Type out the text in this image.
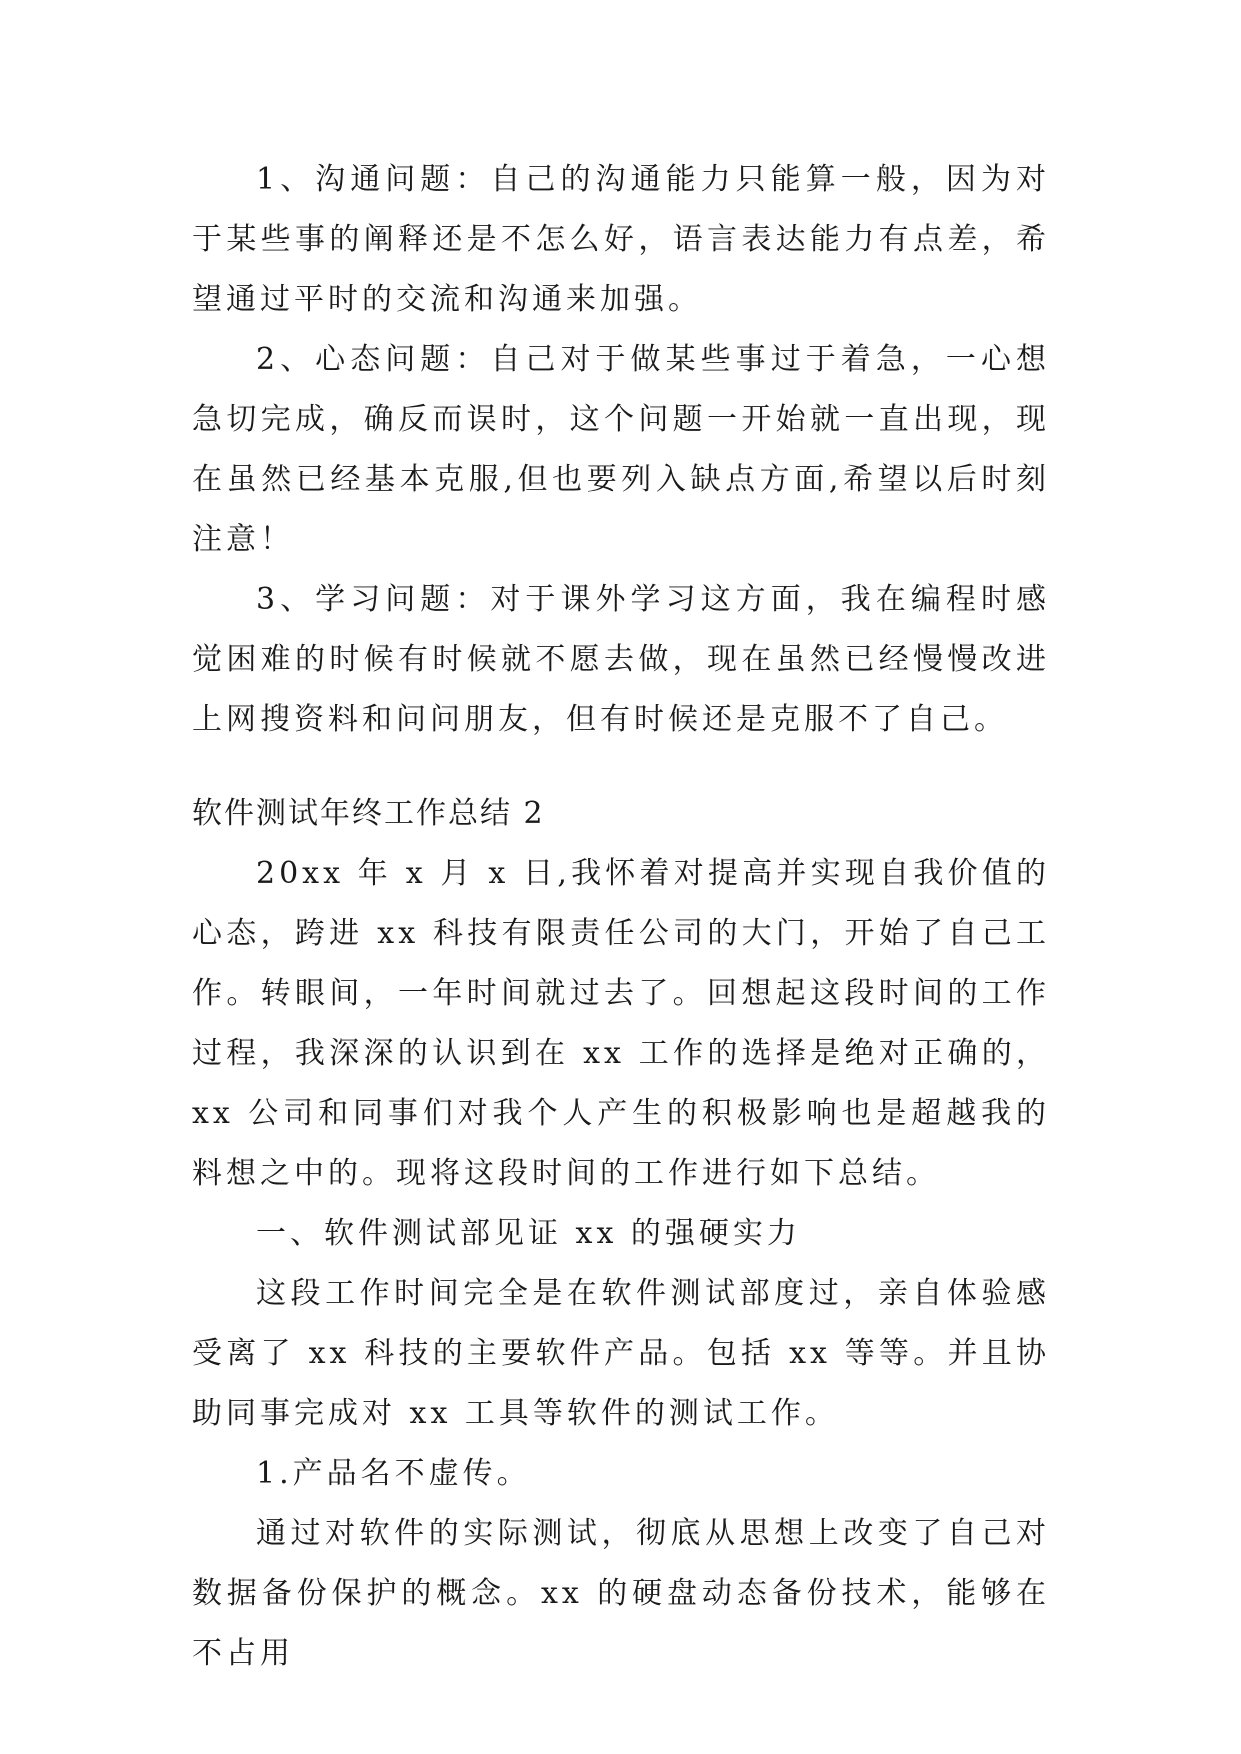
1、沟通问题：自己的沟通能力只能算一般，因为对于某些事的阐释还是不怎么好，语言表达能力有点差，希望通过平时的交流和沟通来加强。

2、心态问题：自己对于做某些事过于着急，一心想急切完成，确反而误时，这个问题一开始就一直出现，现在虽然已经基本克服,但也要列入缺点方面,希望以后时刻注意！

3、学习问题：对于课外学习这方面，我在编程时感觉困难的时候有时候就不愿去做，现在虽然已经慢慢改进上网搜资料和问问朋友，但有时候还是克服不了自己。

软件测试年终工作总结 2

20xx 年 x 月 x 日,我怀着对提高并实现自我价值的心态，跨进 xx 科技有限责任公司的大门，开始了自己工作。转眼间，一年时间就过去了。回想起这段时间的工作过程，我深深的认识到在 xx 工作的选择是绝对正确的，xx 公司和同事们对我个人产生的积极影响也是超越我的料想之中的。现将这段时间的工作进行如下总结。

一、软件测试部见证 xx 的强硬实力

这段工作时间完全是在软件测试部度过，亲自体验感受离了 xx 科技的主要软件产品。包括 xx 等等。并且协助同事完成对 xx 工具等软件的测试工作。

1.产品名不虚传。

通过对软件的实际测试，彻底从思想上改变了自己对数据备份保护的概念。xx 的硬盘动态备份技术，能够在不占用
